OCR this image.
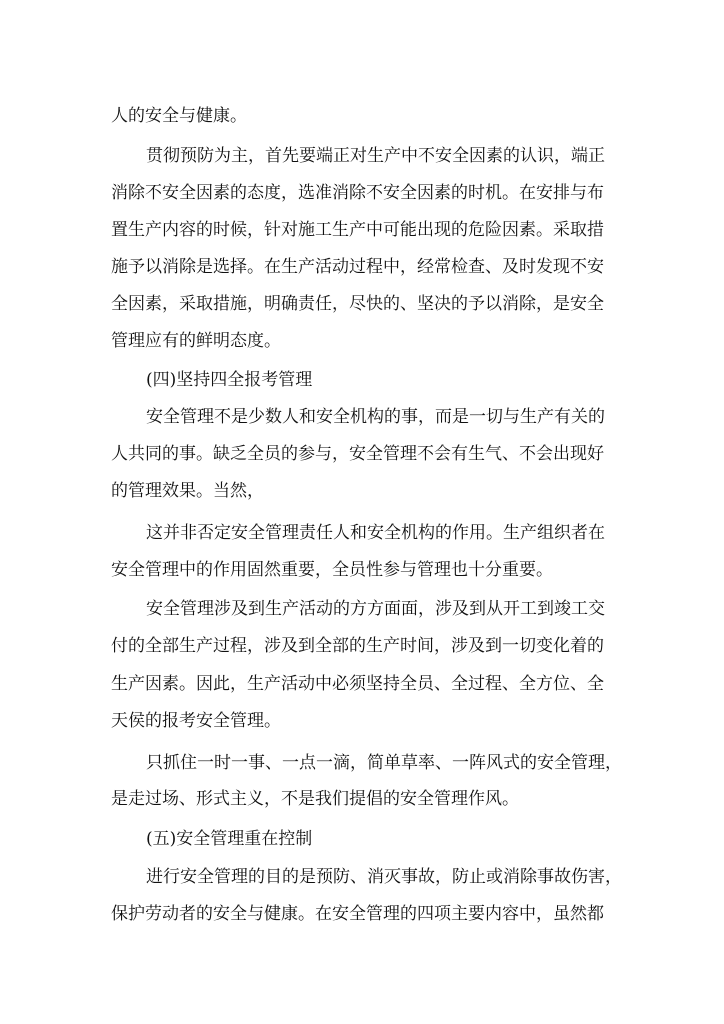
人的安全与健康。

贯彻预防为主，首先要端正对生产中不安全因素的认识，端正

消除不安全因素的态度，选准消除不安全因素的时机。在安排与布

置生产内容的时候，针对施工生产中可能出现的危险因素。采取措

施予以消除是选择。在生产活动过程中，经常检查、及时发现不安

全因素，采取措施，明确责任，尽快的、坚决的予以消除，是安全

管理应有的鲜明态度。

(四)坚持四全报考管理

安全管理不是少数人和安全机构的事，而是一切与生产有关的

人共同的事。缺乏全员的参与，安全管理不会有生气、不会出现好

的管理效果。当然，

这并非否定安全管理责任人和安全机构的作用。生产组织者在

安全管理中的作用固然重要，全员性参与管理也十分重要。

安全管理涉及到生产活动的方方面面，涉及到从开工到竣工交

付的全部生产过程，涉及到全部的生产时间，涉及到一切变化着的

生产因素。因此，生产活动中必须坚持全员、全过程、全方位、全

天侯的报考安全管理。

只抓住一时一事、一点一滴，简单草率、一阵风式的安全管理，

是走过场、形式主义，不是我们提倡的安全管理作风。

(五)安全管理重在控制

进行安全管理的目的是预防、消灭事故，防止或消除事故伤害，

保护劳动者的安全与健康。在安全管理的四项主要内容中，虽然都
